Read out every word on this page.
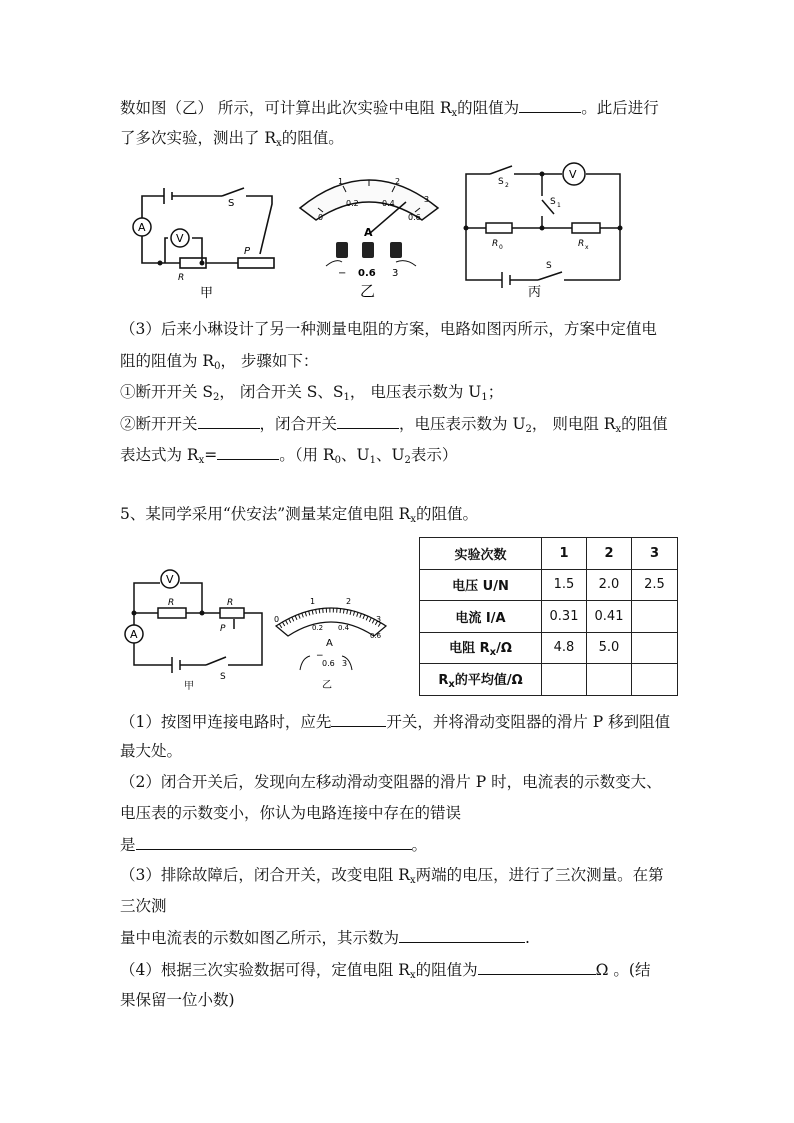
数如图（乙） 所示，可计算出此次实验中电阻 $R_x$的阻值为	。此后进行
了多次实验，测出了 $R_x$的阻值。
A
V
S
R
P
甲
0
1
0.2	0.4
2
3
0.6
A
− 0.6 3
乙
V
S 2
S 1
R 0	R x
S
丙
（3）后来小琳设计了另一种测量电阻的方案，电路如图丙所示，方案中定值电
阻的阻值为 $R_0$， 步骤如下：
①断开开关 $S_2$， 闭合开关 S、$S_1$， 电压表示数为 $U_1$；
②断开开关	，闭合开关	，电压表示数为 $U_2$， 则电阻 $R_x$的阻值
表达式为 $R_x=$	。（用 $R_0$、$U_1$、$U_2$表示）
5、某同学采用“伏安法”测量某定值电阻 $R_x$的阻值。
V
A
R	R
P
S
甲
0
1
0.2 0.4
2
3
0.6
A
−
0.6 3
乙
实验次数	1	2	3
电压 U/N	1.5	2.0	2.5
电流 I/A	0.31	0.41	
电阻 $R_x/\Omega$	4.8	5.0	
$R_x$的平均值/Ω			
（1）按图甲连接电路时，应先	开关，并将滑动变阻器的滑片 P 移到阻值
最大处。
（2）闭合开关后，发现向左移动滑动变阻器的滑片 P 时，电流表的示数变大、
电压表的示数变小，你认为电路连接中存在的错误
是	。
（3）排除故障后，闭合开关，改变电阻 $R_x$两端的电压，进行了三次测量。在第
三次测
量中电流表的示数如图乙所示，其示数为	.
（4）根据三次实验数据可得，定值电阻 $R_x$的阻值为	Ω 。(结
果保留一位小数)
